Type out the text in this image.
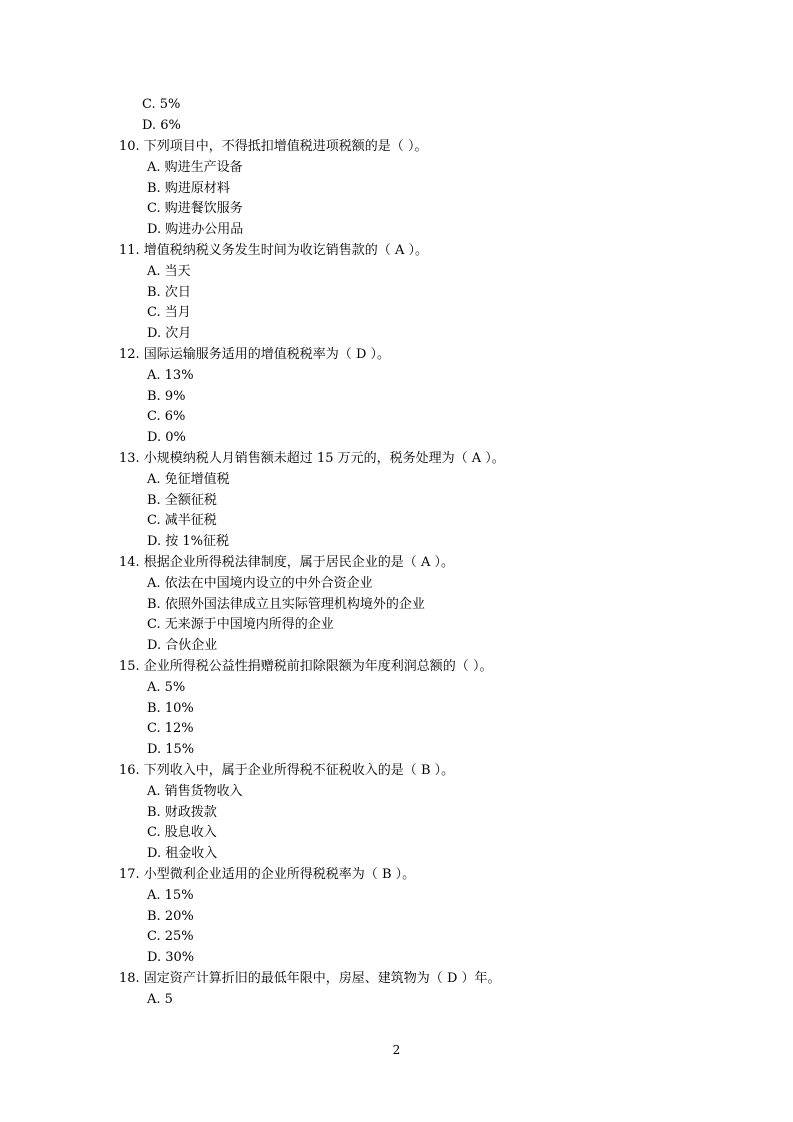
C. 5%
D. 6%
10. 下列项目中，不得抵扣增值税进项税额的是（ ）。
A. 购进生产设备
B. 购进原材料
C. 购进餐饮服务
D. 购进办公用品
11. 增值税纳税义务发生时间为收讫销售款的（ A ）。
A. 当天
B. 次日
C. 当月
D. 次月
12. 国际运输服务适用的增值税税率为（ D ）。
A. 13%
B. 9%
C. 6%
D. 0%
13. 小规模纳税人月销售额未超过 15 万元的，税务处理为（ A ）。
A. 免征增值税
B. 全额征税
C. 减半征税
D. 按 1%征税
14. 根据企业所得税法律制度，属于居民企业的是（ A ）。
A. 依法在中国境内设立的中外合资企业
B. 依照外国法律成立且实际管理机构境外的企业
C. 无来源于中国境内所得的企业
D. 合伙企业
15. 企业所得税公益性捐赠税前扣除限额为年度利润总额的（ ）。
A. 5%
B. 10%
C. 12%
D. 15%
16. 下列收入中，属于企业所得税不征税收入的是（ B ）。
A. 销售货物收入
B. 财政拨款
C. 股息收入
D. 租金收入
17. 小型微利企业适用的企业所得税税率为（ B ）。
A. 15%
B. 20%
C. 25%
D. 30%
18. 固定资产计算折旧的最低年限中，房屋、建筑物为（ D ）年。
A. 5
2
